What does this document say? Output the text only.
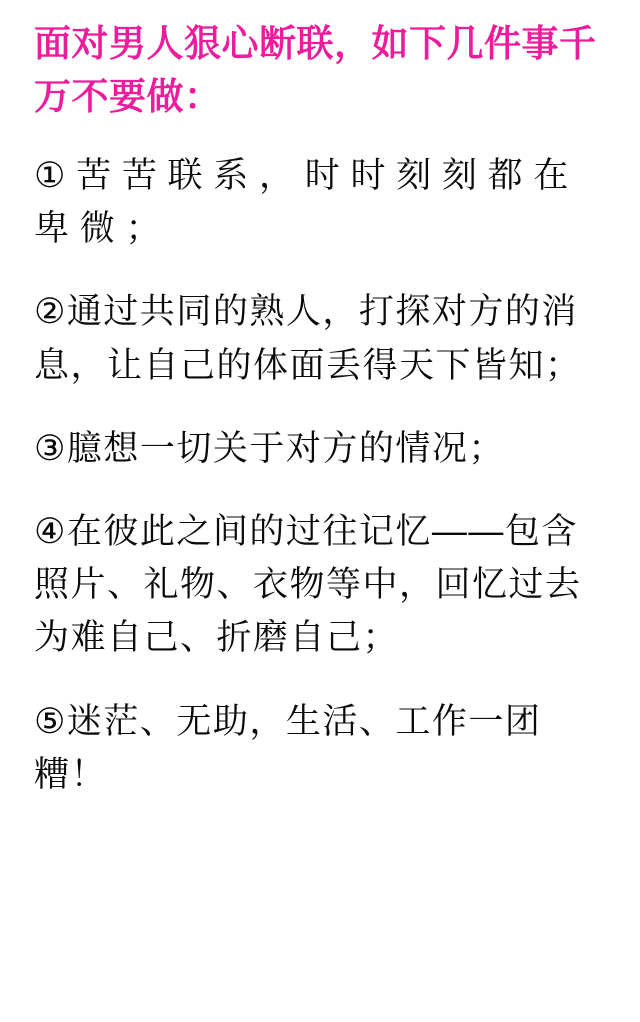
面对男人狠心断联，如下几件事千万不要做：

① 苦 苦 联 系 ， 时 时 刻 刻 都 在 卑 微 ；

②通过共同的熟人，打探对方的消息，让自己的体面丢得天下皆知；

③臆想一切关于对方的情况；

④在彼此之间的过往记忆——包含照片、礼物、衣物等中，回忆过去为难自己、折磨自己；

⑤迷茫、无助，生活、工作一团糟！
